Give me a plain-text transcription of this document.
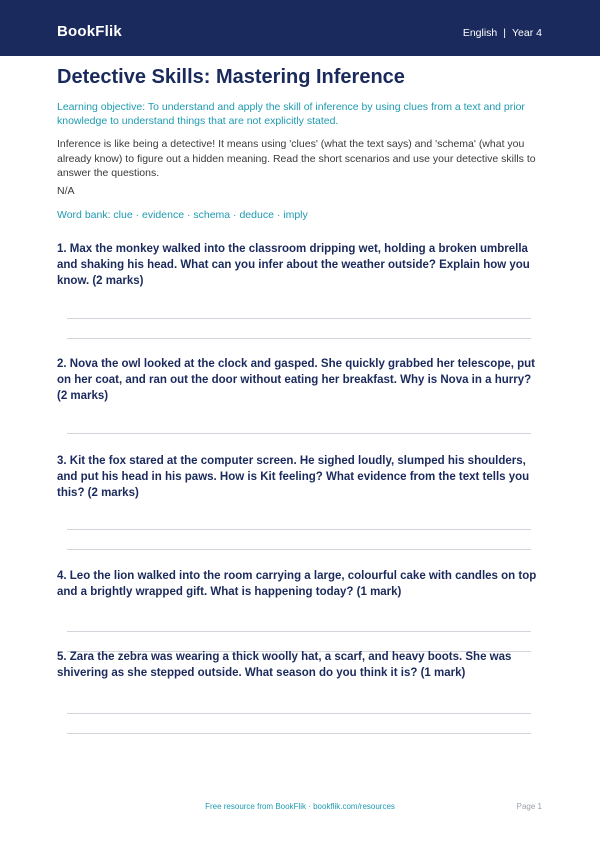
BookFlik	English | Year 4
Detective Skills: Mastering Inference

Learning objective: To understand and apply the skill of inference by using clues from a text and prior knowledge to understand things that are not explicitly stated.

Inference is like being a detective! It means using 'clues' (what the text says) and 'schema' (what you already know) to figure out a hidden meaning. Read the short scenarios and use your detective skills to answer the questions.

N/A

Word bank: clue · evidence · schema · deduce · imply

1. Max the monkey walked into the classroom dripping wet, holding a broken umbrella and shaking his head. What can you infer about the weather outside? Explain how you know. (2 marks)

2. Nova the owl looked at the clock and gasped. She quickly grabbed her telescope, put on her coat, and ran out the door without eating her breakfast. Why is Nova in a hurry? (2 marks)

3. Kit the fox stared at the computer screen. He sighed loudly, slumped his shoulders, and put his head in his paws. How is Kit feeling? What evidence from the text tells you this? (2 marks)

4. Leo the lion walked into the room carrying a large, colourful cake with candles on top and a brightly wrapped gift. What is happening today? (1 mark)

5. Zara the zebra was wearing a thick woolly hat, a scarf, and heavy boots. She was shivering as she stepped outside. What season do you think it is? (1 mark)

Free resource from BookFlik · bookflik.com/resources	Page 1
